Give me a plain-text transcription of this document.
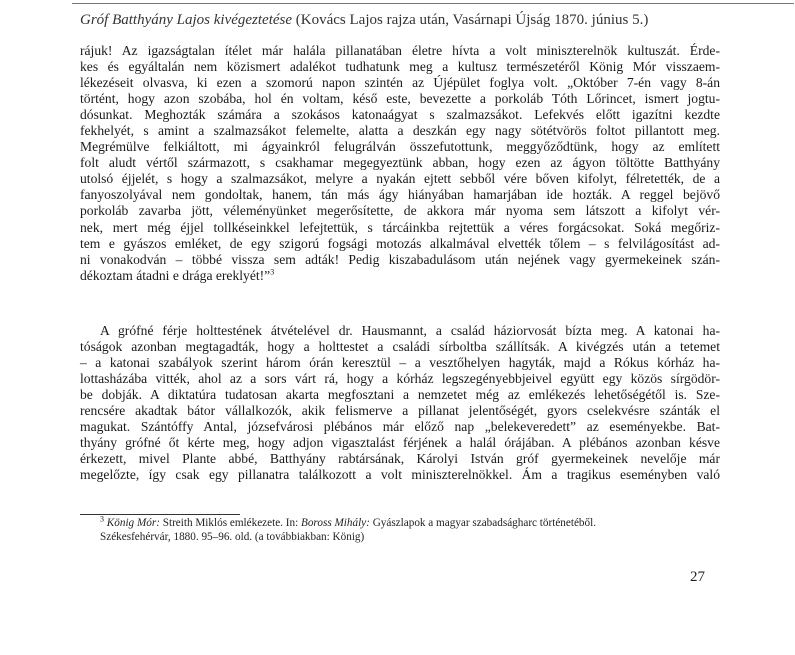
Gróf Batthyány Lajos kivégeztetése (Kovács Lajos rajza után, Vasárnapi Újság 1870. június 5.)
rájuk! Az igazságtalan ítélet már halála pillanatában életre hívta a volt miniszterelnök kultuszát. Érde-
kes és egyáltalán nem közismert adalékot tudhatunk meg a kultusz természetéről König Mór visszaem-
lékezéseit olvasva, ki ezen a szomorú napon szintén az Újépület foglya volt. „Október 7-én vagy 8-án
történt, hogy azon szobába, hol én voltam, késő este, bevezette a porkoláb Tóth Lőrincet, ismert jogtu-
dósunkat. Meghozták számára a szokásos katonaágyat s szalmazsákot. Lefekvés előtt igazítni kezdte
fekhelyét, s amint a szalmazsákot felemelte, alatta a deszkán egy nagy sötétvörös foltot pillantott meg.
Megrémülve felkiáltott, mi ágyainkról felugrálván összefutottunk, meggyőződtünk, hogy az említett
folt aludt vértől származott, s csakhamar megegyeztünk abban, hogy ezen az ágyon töltötte Batthyány
utolsó éjjelét, s hogy a szalmazsákot, melyre a nyakán ejtett sebből vére bőven kifolyt, félretették, de a
fanyoszolyával nem gondoltak, hanem, tán más ágy hiányában hamarjában ide hozták. A reggel bejövő
porkoláb zavarba jött, véleményünket megerősítette, de akkora már nyoma sem látszott a kifolyt vér-
nek, mert még éjjel tollkéseinkkel lefejtettük, s tárcáinkba rejtettük a véres forgácsokat. Soká megőriz-
tem e gyászos emléket, de egy szigorú fogsági motozás alkalmával elvették tőlem – s felvilágosítást ad-
ni vonakodván – többé vissza sem adták! Pedig kiszabadulásom után nejének vagy gyermekeinek szán-
dékoztam átadni e drága ereklyét!”$^3$
A grófné férje holttestének átvételével dr. Hausmannt, a család háziorvosát bízta meg. A katonai ha-
tóságok azonban megtagadták, hogy a holttestet a családi sírboltba szállítsák. A kivégzés után a tetemet
– a katonai szabályok szerint három órán keresztül – a vesztőhelyen hagyták, majd a Rókus kórház ha-
lottasházába vitték, ahol az a sors várt rá, hogy a kórház legszegényebbjeivel együtt egy közös sírgödör-
be dobják. A diktatúra tudatosan akarta megfosztani a nemzetet még az emlékezés lehetőségétől is. Sze-
rencsére akadtak bátor vállalkozók, akik felismerve a pillanat jelentőségét, gyors cselekvésre szánták el
magukat. Szántóffy Antal, józsefvárosi plébános már előző nap „belekeveredett” az eseményekbe. Bat-
thyány grófné őt kérte meg, hogy adjon vigasztalást férjének a halál órájában. A plébános azonban késve
érkezett, mivel Plante abbé, Batthyány rabtársának, Károlyi István gróf gyermekeinek nevelője már
megelőzte, így csak egy pillanatra találkozott a volt miniszterelnökkel. Ám a tragikus eseményben való
$^3$ König Mór: Streith Miklós emlékezete. In: Boross Mihály: Gyászlapok a magyar szabadságharc történetéből.
Székesfehérvár, 1880. 95–96. old. (a továbbiakban: König)
27
